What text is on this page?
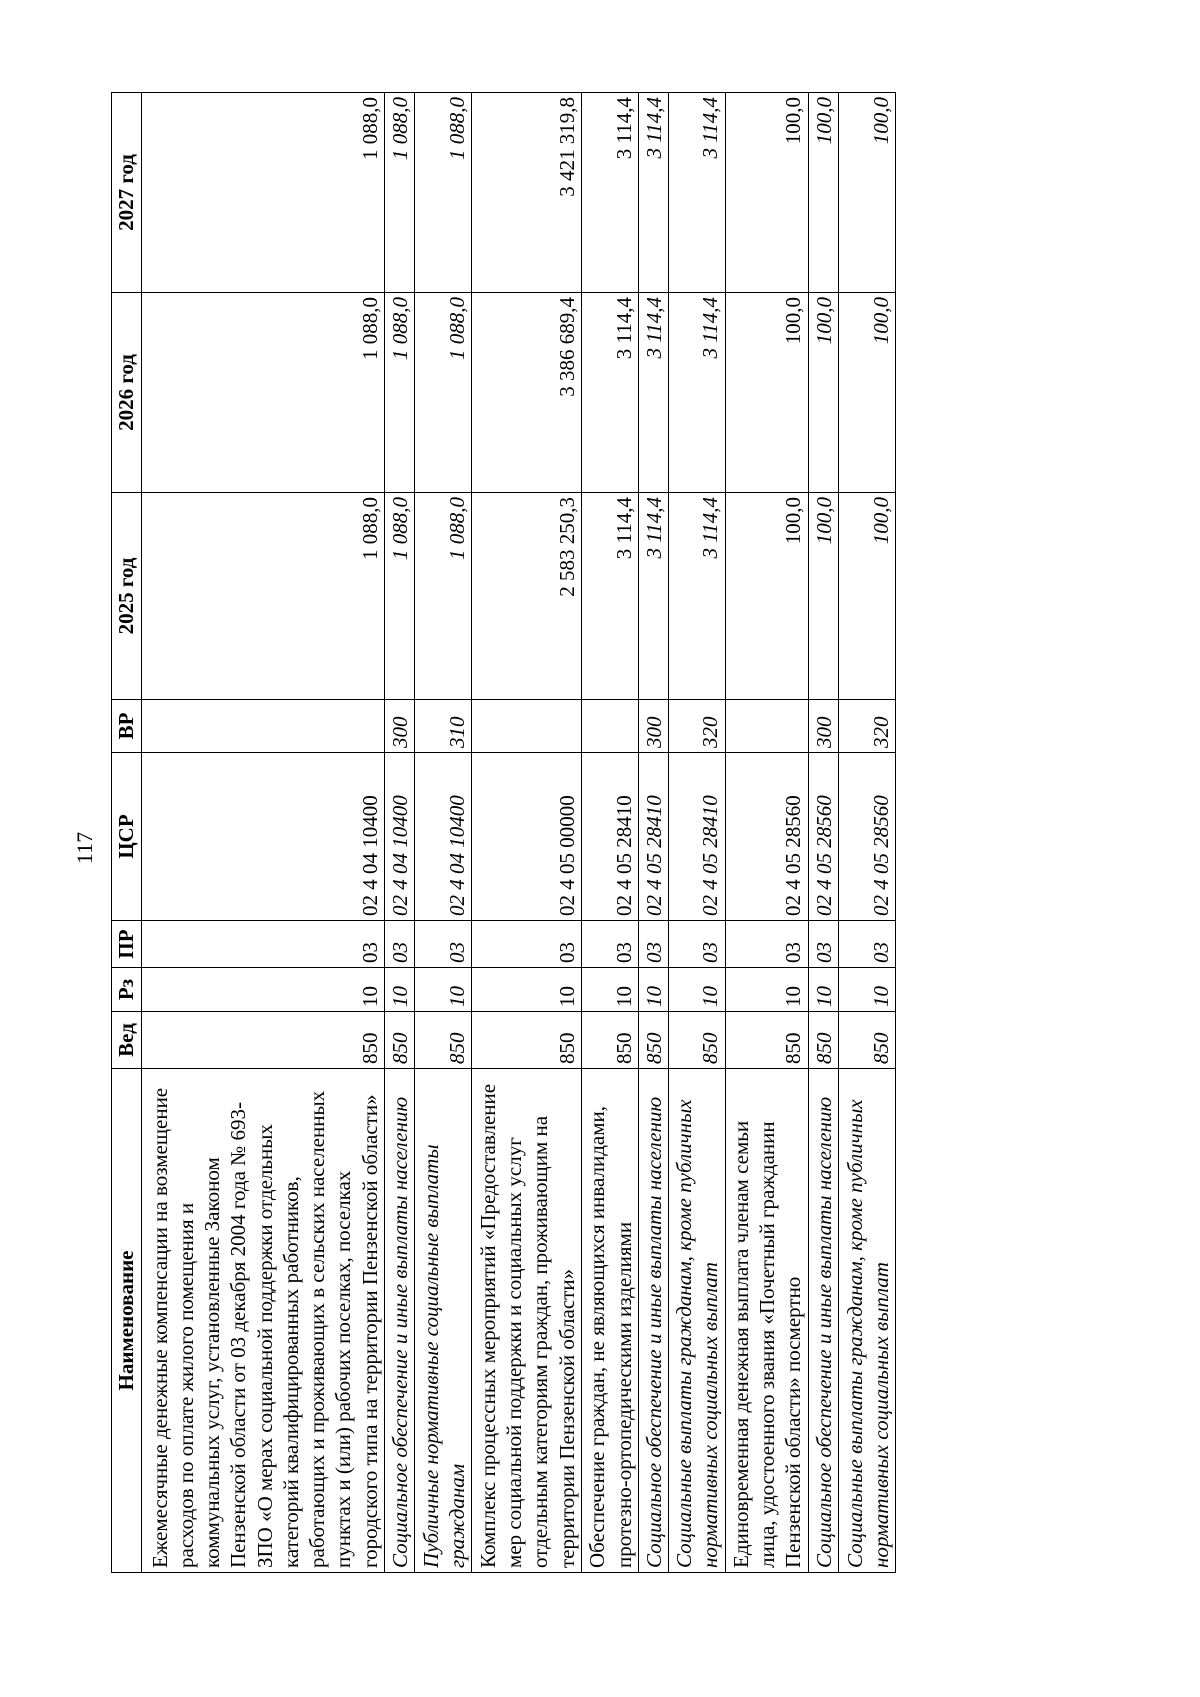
117
Наименование	Вед	Рз	ПР	ЦСР	ВР	2025 год	2026 год	2027 год
Ежемесячные денежные компенсации на возмещение расходов по оплате жилого помещения и коммунальных услуг, установленные Законом Пензенской области от 03 декабря 2004 года № 693-ЗПО «О мерах социальной поддержки отдельных категорий квалифицированных работников, работающих и проживающих в сельских населенных пунктах и (или) рабочих поселках, поселках городского типа на территории Пензенской области»	850	10	03	02 4 04 10400		1 088,0	1 088,0	1 088,0
Социальное обеспечение и иные выплаты населению	850	10	03	02 4 04 10400	300	1 088,0	1 088,0	1 088,0
Публичные нормативные социальные выплаты гражданам	850	10	03	02 4 04 10400	310	1 088,0	1 088,0	1 088,0
Комплекс процессных мероприятий «Предоставление мер социальной поддержки и социальных услуг отдельным категориям граждан, проживающим на территории Пензенской области»	850	10	03	02 4 05 00000		2 583 250,3	3 386 689,4	3 421 319,8
Обеспечение граждан, не являющихся инвалидами, протезно-ортопедическими изделиями	850	10	03	02 4 05 28410		3 114,4	3 114,4	3 114,4
Социальное обеспечение и иные выплаты населению	850	10	03	02 4 05 28410	300	3 114,4	3 114,4	3 114,4
Социальные выплаты гражданам, кроме публичных нормативных социальных выплат	850	10	03	02 4 05 28410	320	3 114,4	3 114,4	3 114,4
Единовременная денежная выплата членам семьи лица, удостоенного звания «Почетный гражданин Пензенской области» посмертно	850	10	03	02 4 05 28560		100,0	100,0	100,0
Социальное обеспечение и иные выплаты населению	850	10	03	02 4 05 28560	300	100,0	100,0	100,0
Социальные выплаты гражданам, кроме публичных нормативных социальных выплат	850	10	03	02 4 05 28560	320	100,0	100,0	100,0
